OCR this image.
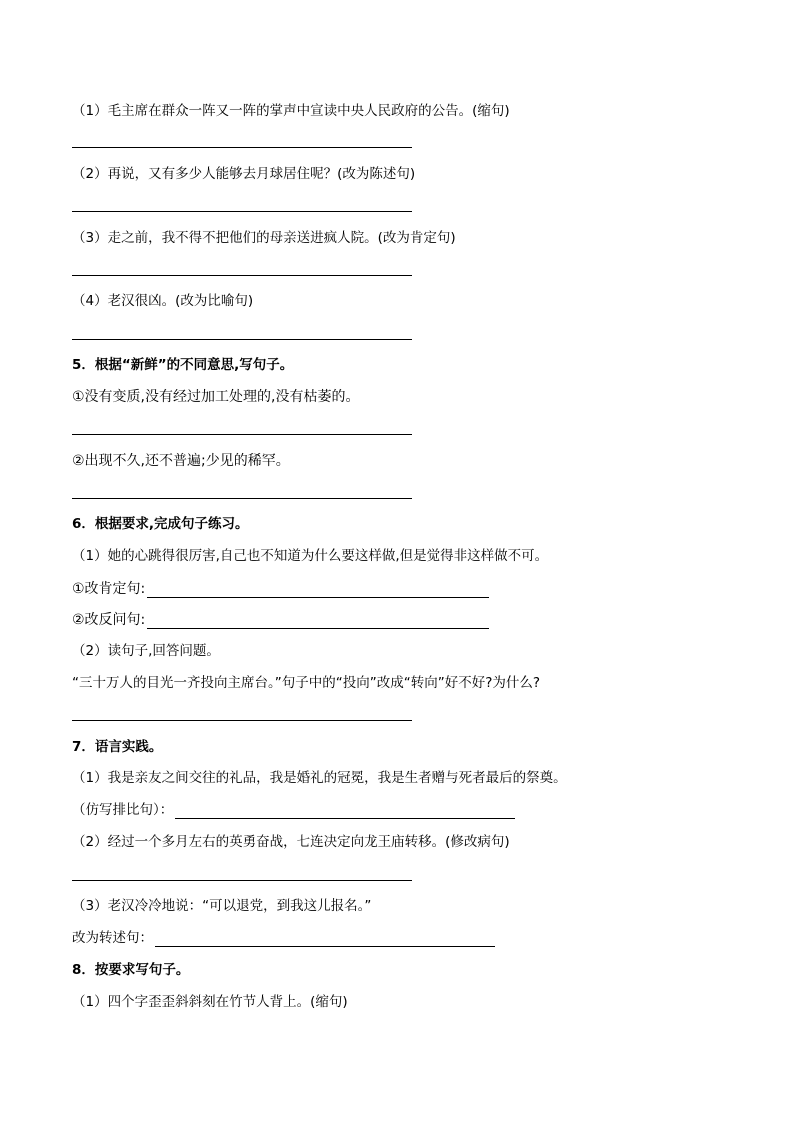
（1）毛主席在群众一阵又一阵的掌声中宣读中央人民政府的公告。(缩句)
（2）再说，又有多少人能够去月球居住呢？(改为陈述句)
（3）走之前，我不得不把他们的母亲送进疯人院。(改为肯定句)
（4）老汉很凶。(改为比喻句)
5．根据“新鲜”的不同意思,写句子。
①没有变质,没有经过加工处理的,没有枯萎的。
②出现不久,还不普遍;少见的稀罕。
6．根据要求,完成句子练习。
（1）她的心跳得很厉害,自己也不知道为什么要这样做,但是觉得非这样做不可。
①改肯定句:
②改反问句:
（2）读句子,回答问题。
“三十万人的目光一齐投向主席台。”句子中的“投向”改成“转向”好不好?为什么?
7．语言实践。
（1）我是亲友之间交往的礼品，我是婚礼的冠冕，我是生者赠与死者最后的祭奠。
（仿写排比句）：
（2）经过一个多月左右的英勇奋战，七连决定向龙王庙转移。(修改病句)
（3）老汉冷冷地说：“可以退党，到我这儿报名。”
改为转述句：
8．按要求写句子。
（1）四个字歪歪斜斜刻在竹节人背上。(缩句)
